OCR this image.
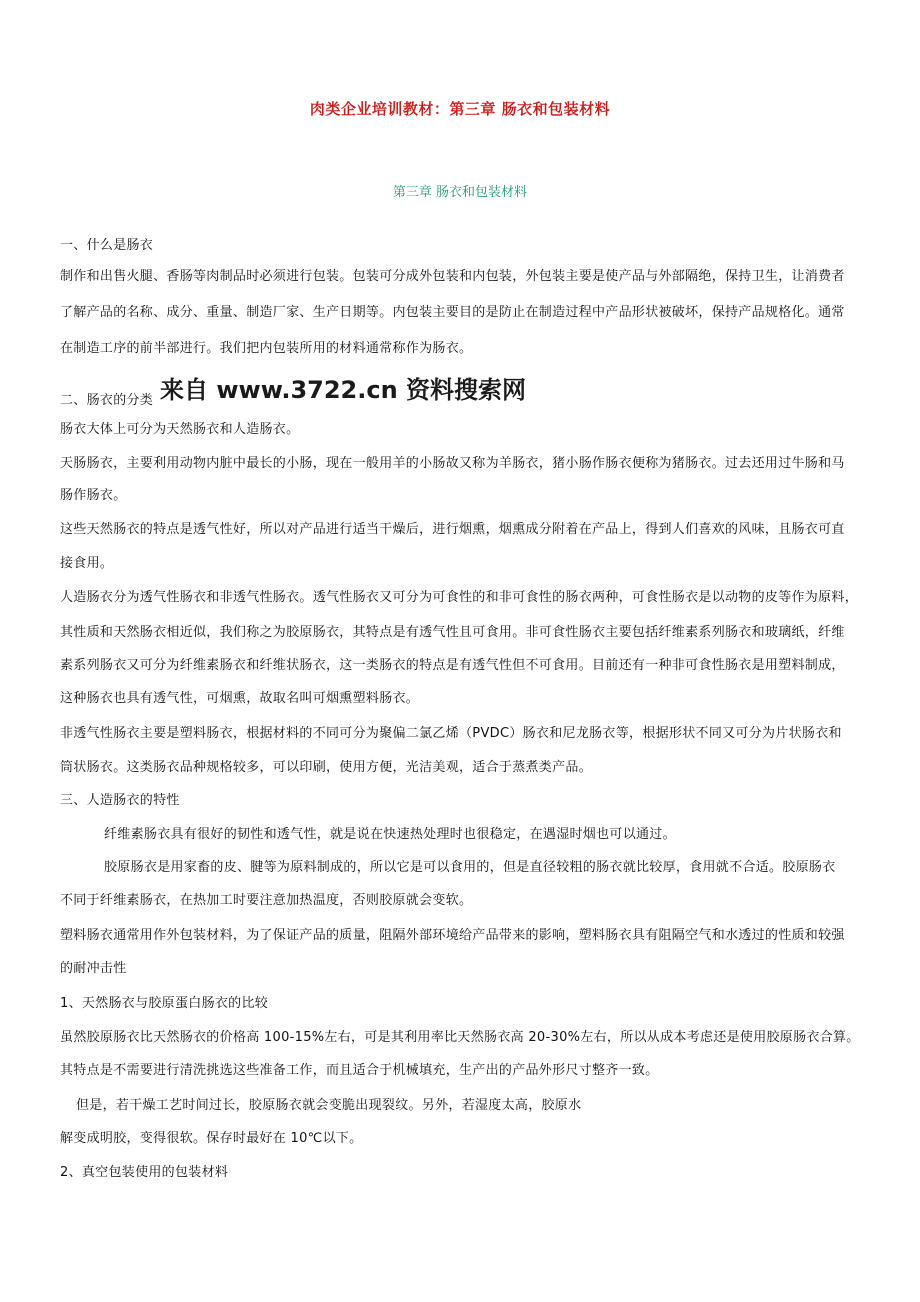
肉类企业培训教材：第三章 肠衣和包装材料
第三章 肠衣和包装材料
一、什么是肠衣
制作和出售火腿、香肠等肉制品时必须进行包装。包装可分成外包装和内包装，外包装主要是使产品与外部隔绝，保持卫生，让消费者
了解产品的名称、成分、重量、制造厂家、生产日期等。内包装主要目的是防止在制造过程中产品形状被破坏，保持产品规格化。通常
在制造工序的前半部进行。我们把内包装所用的材料通常称作为肠衣。
二、肠衣的分类 来自 www.3722.cn 资料搜索网
肠衣大体上可分为天然肠衣和人造肠衣。
天肠肠衣，主要利用动物内脏中最长的小肠，现在一般用羊的小肠故又称为羊肠衣，猪小肠作肠衣便称为猪肠衣。过去还用过牛肠和马
肠作肠衣。
这些天然肠衣的特点是透气性好，所以对产品进行适当干燥后，进行烟熏，烟熏成分附着在产品上，得到人们喜欢的风味，且肠衣可直
接食用。
人造肠衣分为透气性肠衣和非透气性肠衣。透气性肠衣又可分为可食性的和非可食性的肠衣两种，可食性肠衣是以动物的皮等作为原料，
其性质和天然肠衣相近似，我们称之为胶原肠衣，其特点是有透气性且可食用。非可食性肠衣主要包括纤维素系列肠衣和玻璃纸，纤维
素系列肠衣又可分为纤维素肠衣和纤维状肠衣，这一类肠衣的特点是有透气性但不可食用。目前还有一种非可食性肠衣是用塑料制成，
这种肠衣也具有透气性，可烟熏，故取名叫可烟熏塑料肠衣。
非透气性肠衣主要是塑料肠衣，根据材料的不同可分为聚偏二氯乙烯（PVDC）肠衣和尼龙肠衣等，根据形状不同又可分为片状肠衣和
筒状肠衣。这类肠衣品种规格较多，可以印刷，使用方便，光洁美观，适合于蒸煮类产品。
三、人造肠衣的特性
纤维素肠衣具有很好的韧性和透气性，就是说在快速热处理时也很稳定，在遇湿时烟也可以通过。
胶原肠衣是用家畜的皮、腱等为原料制成的，所以它是可以食用的，但是直径较粗的肠衣就比较厚，食用就不合适。胶原肠衣
不同于纤维素肠衣，在热加工时要注意加热温度，否则胶原就会变软。
塑料肠衣通常用作外包装材料，为了保证产品的质量，阻隔外部环境给产品带来的影响，塑料肠衣具有阻隔空气和水透过的性质和较强
的耐冲击性
1、天然肠衣与胶原蛋白肠衣的比较
虽然胶原肠衣比天然肠衣的价格高 100-15%左右，可是其利用率比天然肠衣高 20-30%左右，所以从成本考虑还是使用胶原肠衣合算。
其特点是不需要进行清洗挑选这些准备工作，而且适合于机械填充，生产出的产品外形尺寸整齐一致。
但是，若干燥工艺时间过长，胶原肠衣就会变脆出现裂纹。另外，若湿度太高，胶原水
解变成明胶，变得很软。保存时最好在 10℃以下。
2、真空包装使用的包装材料
